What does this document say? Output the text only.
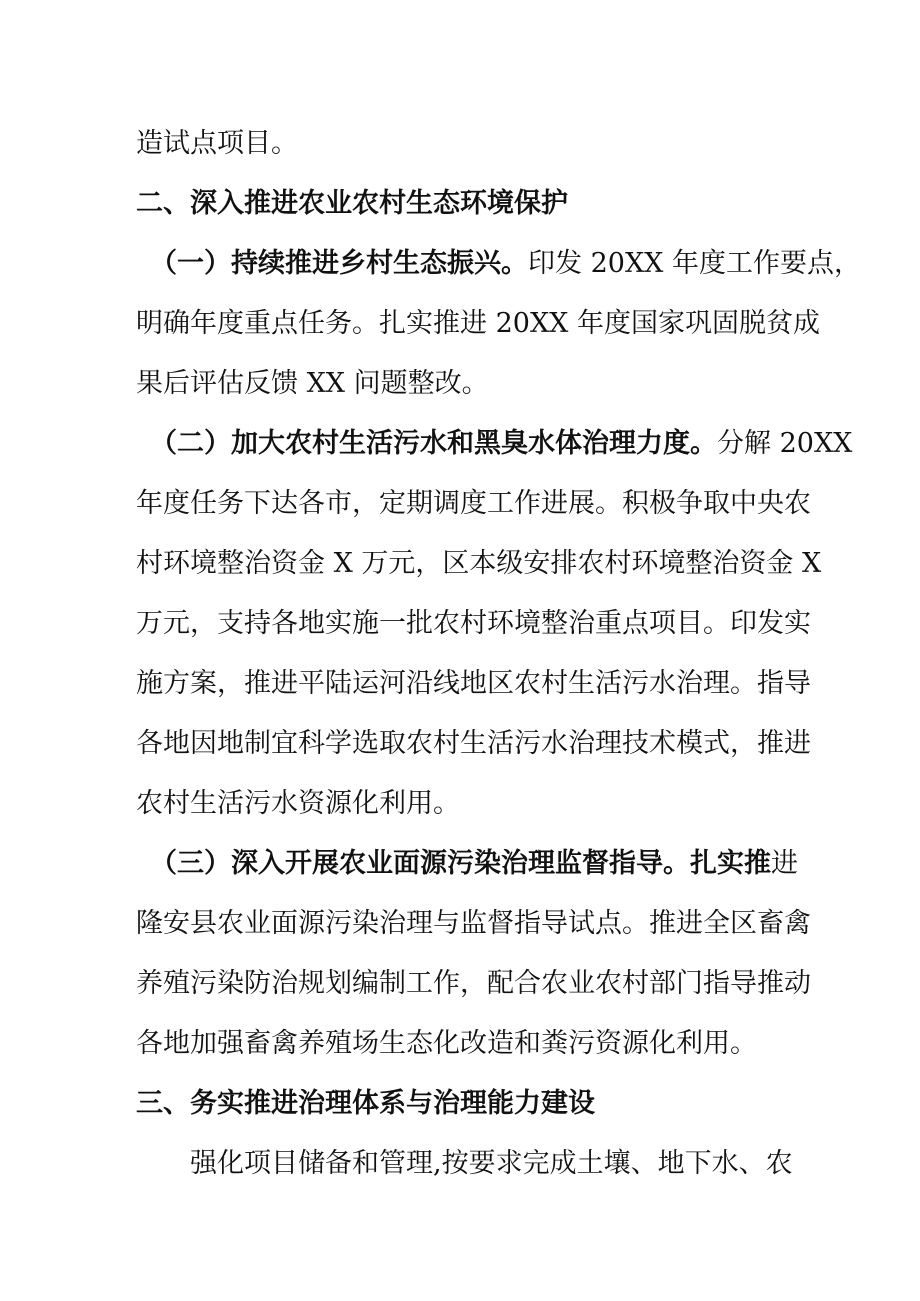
造试点项目。
二、深入推进农业农村生态环境保护
（一）持续推进乡村生态振兴。印发 20XX 年度工作要点，
明确年度重点任务。扎实推进 20XX 年度国家巩固脱贫成
果后评估反馈 XX 问题整改。
（二）加大农村生活污水和黑臭水体治理力度。分解 20XX
年度任务下达各市，定期调度工作进展。积极争取中央农
村环境整治资金 X 万元，区本级安排农村环境整治资金 X
万元，支持各地实施一批农村环境整治重点项目。印发实
施方案，推进平陆运河沿线地区农村生活污水治理。指导
各地因地制宜科学选取农村生活污水治理技术模式，推进
农村生活污水资源化利用。
（三）深入开展农业面源污染治理监督指导。扎实推进
隆安县农业面源污染治理与监督指导试点。推进全区畜禽
养殖污染防治规划编制工作，配合农业农村部门指导推动
各地加强畜禽养殖场生态化改造和粪污资源化利用。
三、务实推进治理体系与治理能力建设
强化项目储备和管理,按要求完成土壤、地下水、农
